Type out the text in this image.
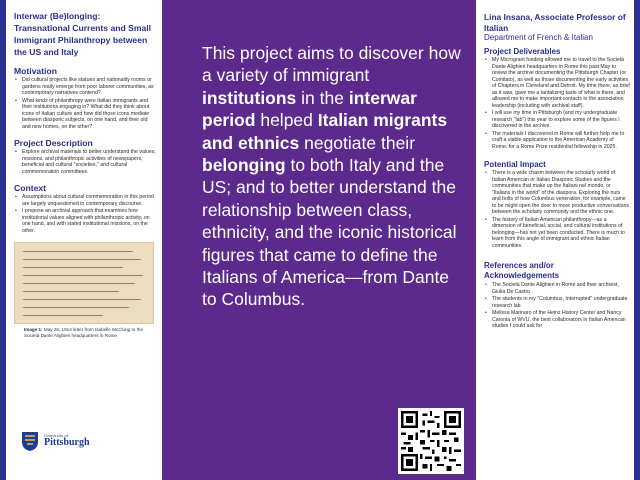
Interwar (Be)longing: Transnational Currents and Small Immigrant Philanthropy between the US and Italy
Motivation
• Did cultural projects like statues and nationality rooms or gardens really emerge from poor laborer communities, as contemporary narratives contend?
• What kinds of philanthropy were Italian immigrants and their institutions engaging in? What did they think about icons of Italian culture and how did those icons mediate between diasporic subjects, on one hand, and their old and new homes, on the other?
Project Description
• Explore archival materials to better understand the values, missions, and philanthropic activities of newspapers, beneficial and cultural "societies," and cultural commemoration committees.
Context
• Assumptions about cultural commemoration in this period are largely unquestioned in contemporary discourse.
• I propose an archival approach that examines how institutional values aligned with philanthropic activity, on one hand, and with stated institutional missions, on the other.
Image 1: May 28, 1914 letter from Isabelle McClung to the Società Dante Alighieri headquarters in Rome
University of
Pittsburgh
This project aims to discover how a variety of immigrant institutions in the interwar period helped Italian migrants and ethnics negotiate their belonging to both Italy and the US; and to better understand the relationship between class, ethnicity, and the iconic historical figures that came to define the Italians of America—from Dante to Columbus.
Lina Insana, Associate Professor of Italian
Department of French & Italian
Project Deliverables
• My Microgrant funding allowed me to travel to the Società Dante Alighieri headquarters in Rome this past May to review the archive documenting the Pittsburgh Chapter (or Comitato), as well as those documenting the early activities of Chapters in Cleveland and Detroit. My time there, as brief as it was, gave me a tantalizing taste of what is there, and allowed me to make important contacts in the association leadership (including with archival staff).
• I will use my time in Pittsburgh (and my undergraduate research "lab") this year to explore some of the figures I discovered in the archive.
• The materials I discovered in Rome will further help me to craft a viable application to the American Academy of Rome, for a Rome Prize residential fellowship in 2025.
Potential Impact
• There is a wide chasm between the scholarly world of Italian American or Italian Diasporic Studies and the communities that make up the Italiani nel mondo, or "Italians in the world" of the diaspora. Exploring the nuts and bolts of how Columbus veneration, for example, came to be might open the door to more productive conversations between the scholarly community and the ethnic one.
• The history of Italian American philanthropy—as a dimension of beneficial, social, and cultural institutions of belonging—has not yet been conducted. There is much to learn from this angle of immigrant and ethnic Italian communities.
References and/or Acknowledgements
• The Società Dante Alighieri in Rome and their archivist, Giulia De Castro
• The students in my "Columbus, Interrupted" undergraduate research lab
• Melissa Marinaro of the Heinz History Center and Nancy Caronia of WVU, the best collaborators in Italian American studies I could ask for
